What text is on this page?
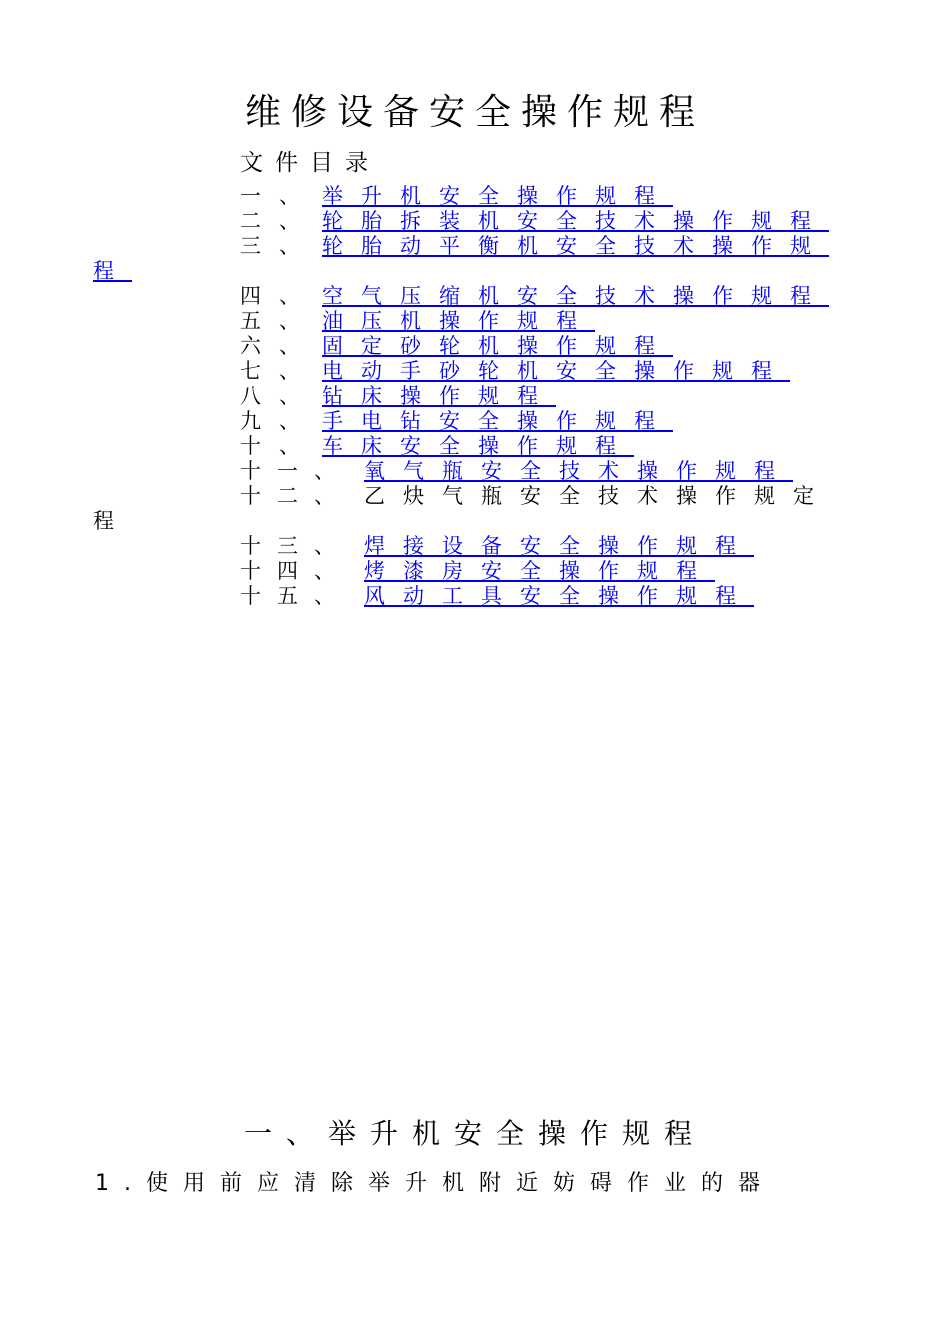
维修设备安全操作规程
文件目录
一、 举升机安全操作规程
二、 轮胎拆装机安全技术操作规程
三、 轮胎动平衡机安全技术操作规
程
四、 空气压缩机安全技术操作规程
五、 油压机操作规程
六、 固定砂轮机操作规程
七、 电动手砂轮机安全操作规程
八、 钻床操作规程
九、 手电钻安全操作规程
十、 车床安全操作规程
十一、 氧气瓶安全技术操作规程
十二、 乙炔气瓶安全技术操作规定
程
十三、 焊接设备安全操作规程
十四、 烤漆房安全操作规程
十五、 风动工具安全操作规程
一、举升机安全操作规程
1.使用前应清除举升机附近妨碍作业的器
